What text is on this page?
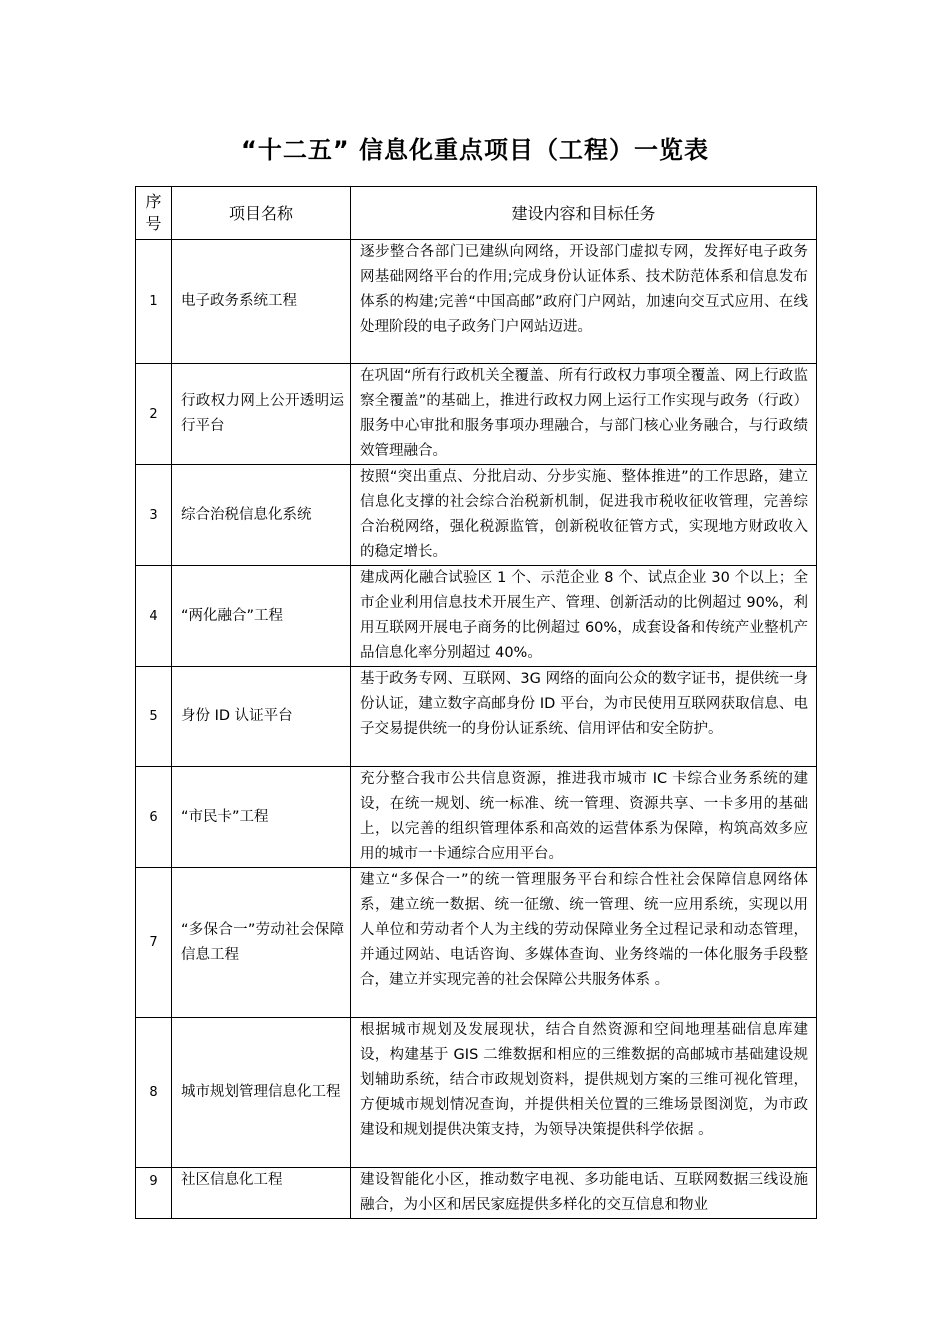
“十二五” 信息化重点项目（工程）一览表
序号	项目名称	建设内容和目标任务
1	电子政务系统工程	逐步整合各部门已建纵向网络，开设部门虚拟专网，发挥好电子政务网基础网络平台的作用;完成身份认证体系、技术防范体系和信息发布体系的构建;完善“中国高邮”政府门户网站，加速向交互式应用、在线处理阶段的电子政务门户网站迈进。
2	行政权力网上公开透明运行平台	在巩固“所有行政机关全覆盖、所有行政权力事项全覆盖、网上行政监察全覆盖”的基础上，推进行政权力网上运行工作实现与政务（行政）服务中心审批和服务事项办理融合，与部门核心业务融合，与行政绩效管理融合。
3	综合治税信息化系统	按照“突出重点、分批启动、分步实施、整体推进”的工作思路，建立信息化支撑的社会综合治税新机制，促进我市税收征收管理，完善综合治税网络，强化税源监管，创新税收征管方式，实现地方财政收入的稳定增长。
4	“两化融合”工程	建成两化融合试验区 1 个、示范企业 8 个、试点企业 30 个以上；全市企业利用信息技术开展生产、管理、创新活动的比例超过 90%，利用互联网开展电子商务的比例超过 60%，成套设备和传统产业整机产品信息化率分别超过 40%。
5	身份 ID 认证平台	基于政务专网、互联网、3G 网络的面向公众的数字证书，提供统一身份认证，建立数字高邮身份 ID 平台，为市民使用互联网获取信息、电子交易提供统一的身份认证系统、信用评估和安全防护。
6	“市民卡”工程	充分整合我市公共信息资源，推进我市城市 IC 卡综合业务系统的建设，在统一规划、统一标准、统一管理、资源共享、一卡多用的基础上，以完善的组织管理体系和高效的运营体系为保障，构筑高效多应用的城市一卡通综合应用平台。
7	“多保合一”劳动社会保障信息工程	建立“多保合一”的统一管理服务平台和综合性社会保障信息网络体系，建立统一数据、统一征缴、统一管理、统一应用系统，实现以用人单位和劳动者个人为主线的劳动保障业务全过程记录和动态管理，并通过网站、电话咨询、多媒体查询、业务终端的一体化服务手段整合，建立并实现完善的社会保障公共服务体系 。
8	城市规划管理信息化工程	根据城市规划及发展现状，结合自然资源和空间地理基础信息库建设，构建基于 GIS 二维数据和相应的三维数据的高邮城市基础建设规划辅助系统，结合市政规划资料，提供规划方案的三维可视化管理，方便城市规划情况查询，并提供相关位置的三维场景图浏览，为市政建设和规划提供决策支持，为领导决策提供科学依据 。
9	社区信息化工程	建设智能化小区，推动数字电视、多功能电话、互联网数据三线设施融合，为小区和居民家庭提供多样化的交互信息和物业
